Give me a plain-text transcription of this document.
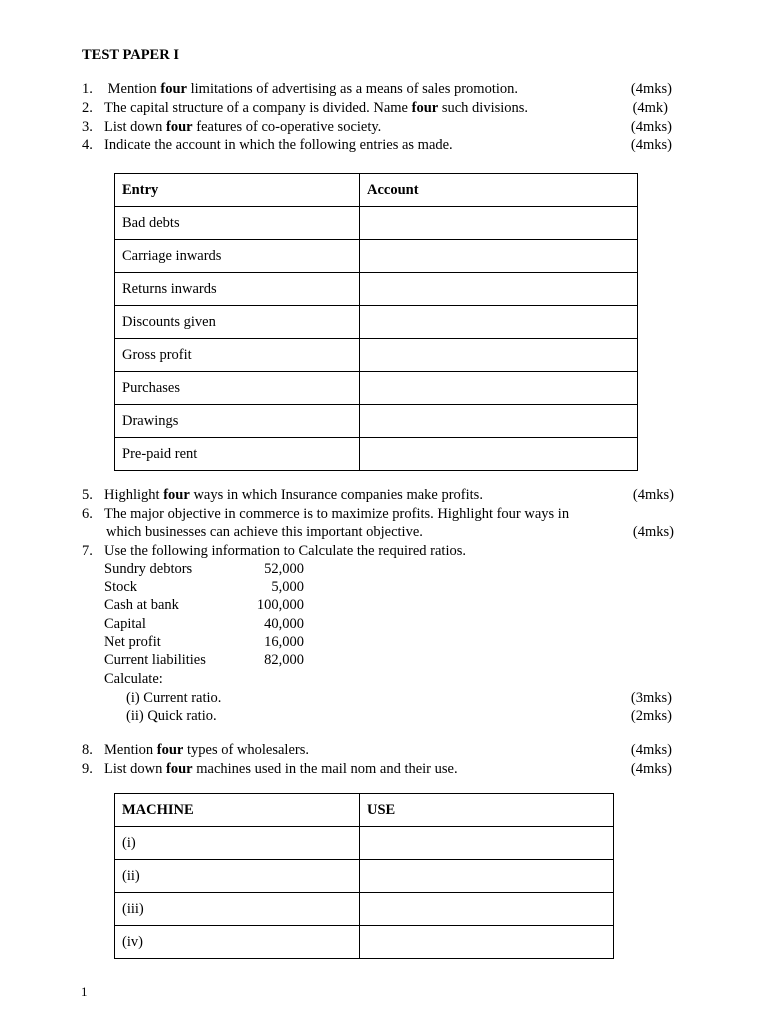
TEST PAPER I
1. Mention four limitations of advertising as a means of sales promotion.	(4mks)
2. The capital structure of a company is divided. Name four such divisions.	(4mk)
3. List down four features of co-operative society.	(4mks)
4. Indicate the account in which the following entries as made.	(4mks)
Entry	Account
Bad debts	
Carriage inwards	
Returns inwards	
Discounts given	
Gross profit	
Purchases	
Drawings	
Pre-paid rent	
5. Highlight four ways in which Insurance companies make profits.	(4mks)
6. The major objective in commerce is to maximize profits. Highlight four ways in
which businesses can achieve this important objective.	(4mks)
7. Use the following information to Calculate the required ratios.
Sundry debtors	52,000
Stock	5,000
Cash at bank	100,000
Capital	40,000
Net profit	16,000
Current liabilities	82,000
Calculate:
(i) Current ratio.	(3mks)
(ii) Quick ratio.	(2mks)
8. Mention four types of wholesalers.	(4mks)
9. List down four machines used in the mail nom and their use.	(4mks)
MACHINE	USE
(i)	
(ii)	
(iii)	
(iv)	
1
